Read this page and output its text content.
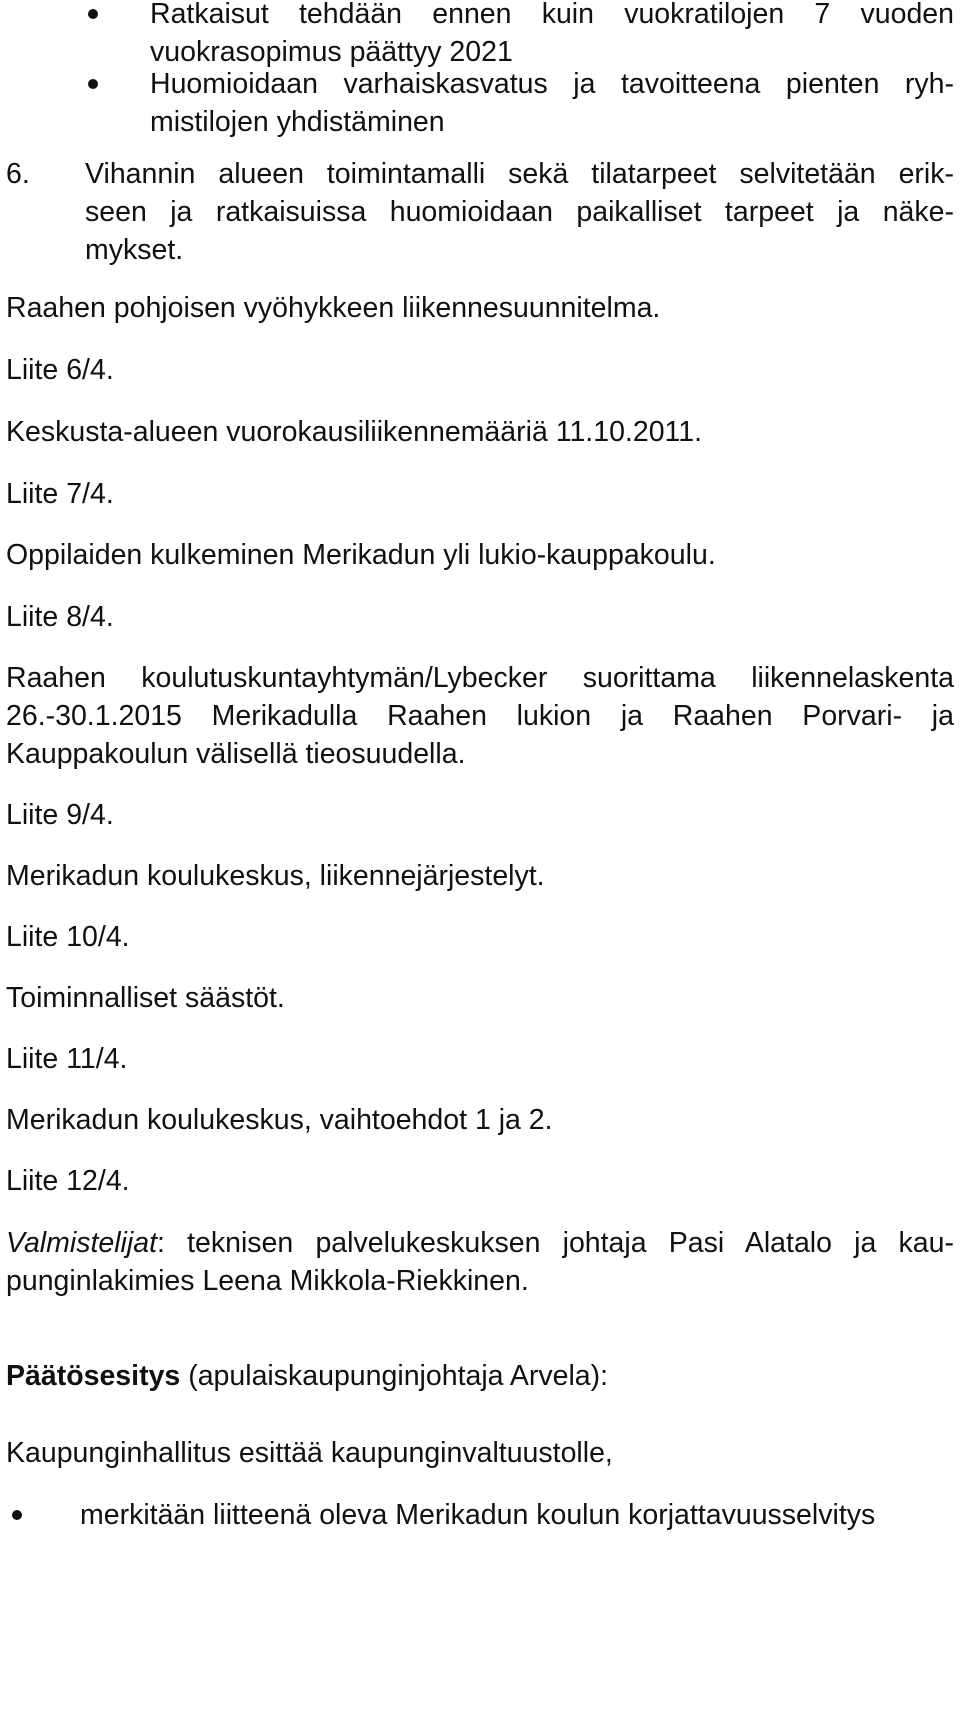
Ratkaisut tehdään ennen kuin vuokratilojen 7 vuoden
vuokrasopimus päättyy 2021
Huomioidaan varhaiskasvatus ja tavoitteena pienten ryh-
mistilojen yhdistäminen
6. Vihannin alueen toimintamalli sekä tilatarpeet selvitetään erik-
seen ja ratkaisuissa huomioidaan paikalliset tarpeet ja näke-
mykset.
Raahen pohjoisen vyöhykkeen liikennesuunnitelma.
Liite 6/4.
Keskusta-alueen vuorokausiliikennemääriä 11.10.2011.
Liite 7/4.
Oppilaiden kulkeminen Merikadun yli lukio-kauppakoulu.
Liite 8/4.
Raahen koulutuskuntayhtymän/Lybecker suorittama liikennelaskenta
26.-30.1.2015 Merikadulla Raahen lukion ja Raahen Porvari- ja
Kauppakoulun välisellä tieosuudella.
Liite 9/4.
Merikadun koulukeskus, liikennejärjestelyt.
Liite 10/4.
Toiminnalliset säästöt.
Liite 11/4.
Merikadun koulukeskus, vaihtoehdot 1 ja 2.
Liite 12/4.
Valmistelijat: teknisen palvelukeskuksen johtaja Pasi Alatalo ja kau-
punginlakimies Leena Mikkola-Riekkinen.
Päätösesitys (apulaiskaupunginjohtaja Arvela):
Kaupunginhallitus esittää kaupunginvaltuustolle,
merkitään liitteenä oleva Merikadun koulun korjattavuusselvitys
